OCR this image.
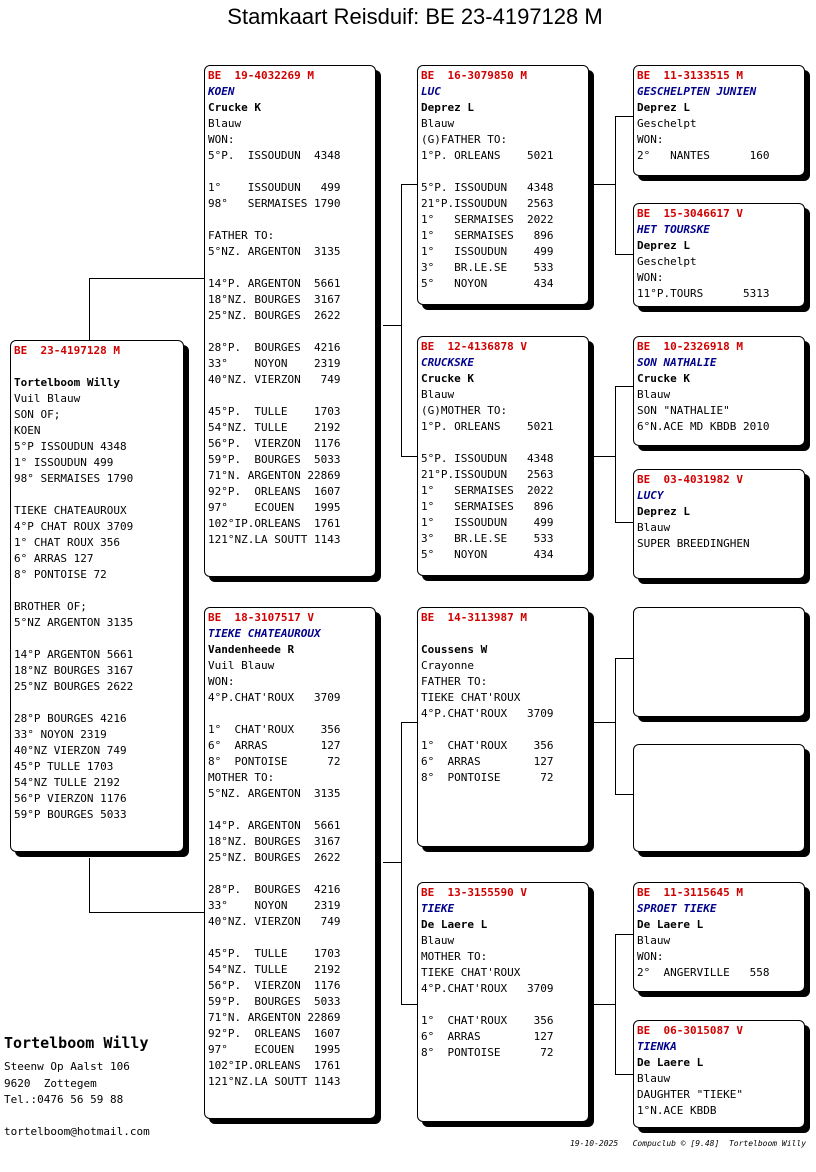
Stamkaart Reisduif: BE 23-4197128 M
BE  23-4197128 M
Tortelboom Willy
Vuil Blauw
SON OF;
KOEN
5°P ISSOUDUN 4348
1° ISSOUDUN 499
98° SERMAISES 1790
TIEKE CHATEAUROUX
4°P CHAT ROUX 3709
1° CHAT ROUX 356
6° ARRAS 127
8° PONTOISE 72
BROTHER OF;
5°NZ ARGENTON 3135
14°P ARGENTON 5661
18°NZ BOURGES 3167
25°NZ BOURGES 2622
28°P BOURGES 4216
33° NOYON 2319
40°NZ VIERZON 749
45°P TULLE 1703
54°NZ TULLE 2192
56°P VIERZON 1176
59°P BOURGES 5033
BE  19-4032269 M
KOEN
Crucke K
Blauw
WON:
5°P.  ISSOUDUN  4348
1°    ISSOUDUN   499
98°   SERMAISES 1790
FATHER TO:
5°NZ. ARGENTON  3135
14°P. ARGENTON  5661
18°NZ. BOURGES  3167
25°NZ. BOURGES  2622
28°P.  BOURGES  4216
33°    NOYON    2319
40°NZ. VIERZON   749
45°P.  TULLE    1703
54°NZ. TULLE    2192
56°P.  VIERZON  1176
59°P.  BOURGES  5033
71°N. ARGENTON 22869
92°P.  ORLEANS  1607
97°    ECOUEN   1995
102°IP.ORLEANS  1761
121°NZ.LA SOUTT 1143
BE  18-3107517 V
TIEKE CHATEAUROUX
Vandenheede R
Vuil Blauw
WON:
4°P.CHAT'ROUX   3709
1°  CHAT'ROUX    356
6°  ARRAS        127
8°  PONTOISE      72
MOTHER TO:
5°NZ. ARGENTON  3135
14°P. ARGENTON  5661
18°NZ. BOURGES  3167
25°NZ. BOURGES  2622
28°P.  BOURGES  4216
33°    NOYON    2319
40°NZ. VIERZON   749
45°P.  TULLE    1703
54°NZ. TULLE    2192
56°P.  VIERZON  1176
59°P.  BOURGES  5033
71°N. ARGENTON 22869
92°P.  ORLEANS  1607
97°    ECOUEN   1995
102°IP.ORLEANS  1761
121°NZ.LA SOUTT 1143
BE  16-3079850 M
LUC
Deprez L
Blauw
(G)FATHER TO:
1°P. ORLEANS    5021
5°P. ISSOUDUN   4348
21°P.ISSOUDUN   2563
1°   SERMAISES  2022
1°   SERMAISES   896
1°   ISSOUDUN    499
3°   BR.LE.SE    533
5°   NOYON       434
BE  12-4136878 V
CRUCKSKE
Crucke K
Blauw
(G)MOTHER TO:
1°P. ORLEANS    5021
5°P. ISSOUDUN   4348
21°P.ISSOUDUN   2563
1°   SERMAISES  2022
1°   SERMAISES   896
1°   ISSOUDUN    499
3°   BR.LE.SE    533
5°   NOYON       434
BE  14-3113987 M
Coussens W
Crayonne
FATHER TO:
TIEKE CHAT'ROUX
4°P.CHAT'ROUX   3709
1°  CHAT'ROUX    356
6°  ARRAS        127
8°  PONTOISE      72
BE  13-3155590 V
TIEKE
De Laere L
Blauw
MOTHER TO:
TIEKE CHAT'ROUX
4°P.CHAT'ROUX   3709
1°  CHAT'ROUX    356
6°  ARRAS        127
8°  PONTOISE      72
BE  11-3133515 M
GESCHELPTEN JUNIEN
Deprez L
Geschelpt
WON:
2°   NANTES      160
BE  15-3046617 V
HET TOURSKE
Deprez L
Geschelpt
WON:
11°P.TOURS      5313
BE  10-2326918 M
SON NATHALIE
Crucke K
Blauw
SON "NATHALIE"
6°N.ACE MD KBDB 2010
BE  03-4031982 V
LUCY
Deprez L
Blauw
SUPER BREEDINGHEN
BE  11-3115645 M
SPROET TIEKE
De Laere L
Blauw
WON:
2°  ANGERVILLE   558
BE  06-3015087 V
TIENKA
De Laere L
Blauw
DAUGHTER "TIEKE"
1°N.ACE KBDB
Tortelboom Willy
Steenw Op Aalst 106
9620  Zottegem
Tel.:0476 56 59 88
tortelboom@hotmail.com
19-10-2025   Compuclub © [9.48]  Tortelboom Willy
